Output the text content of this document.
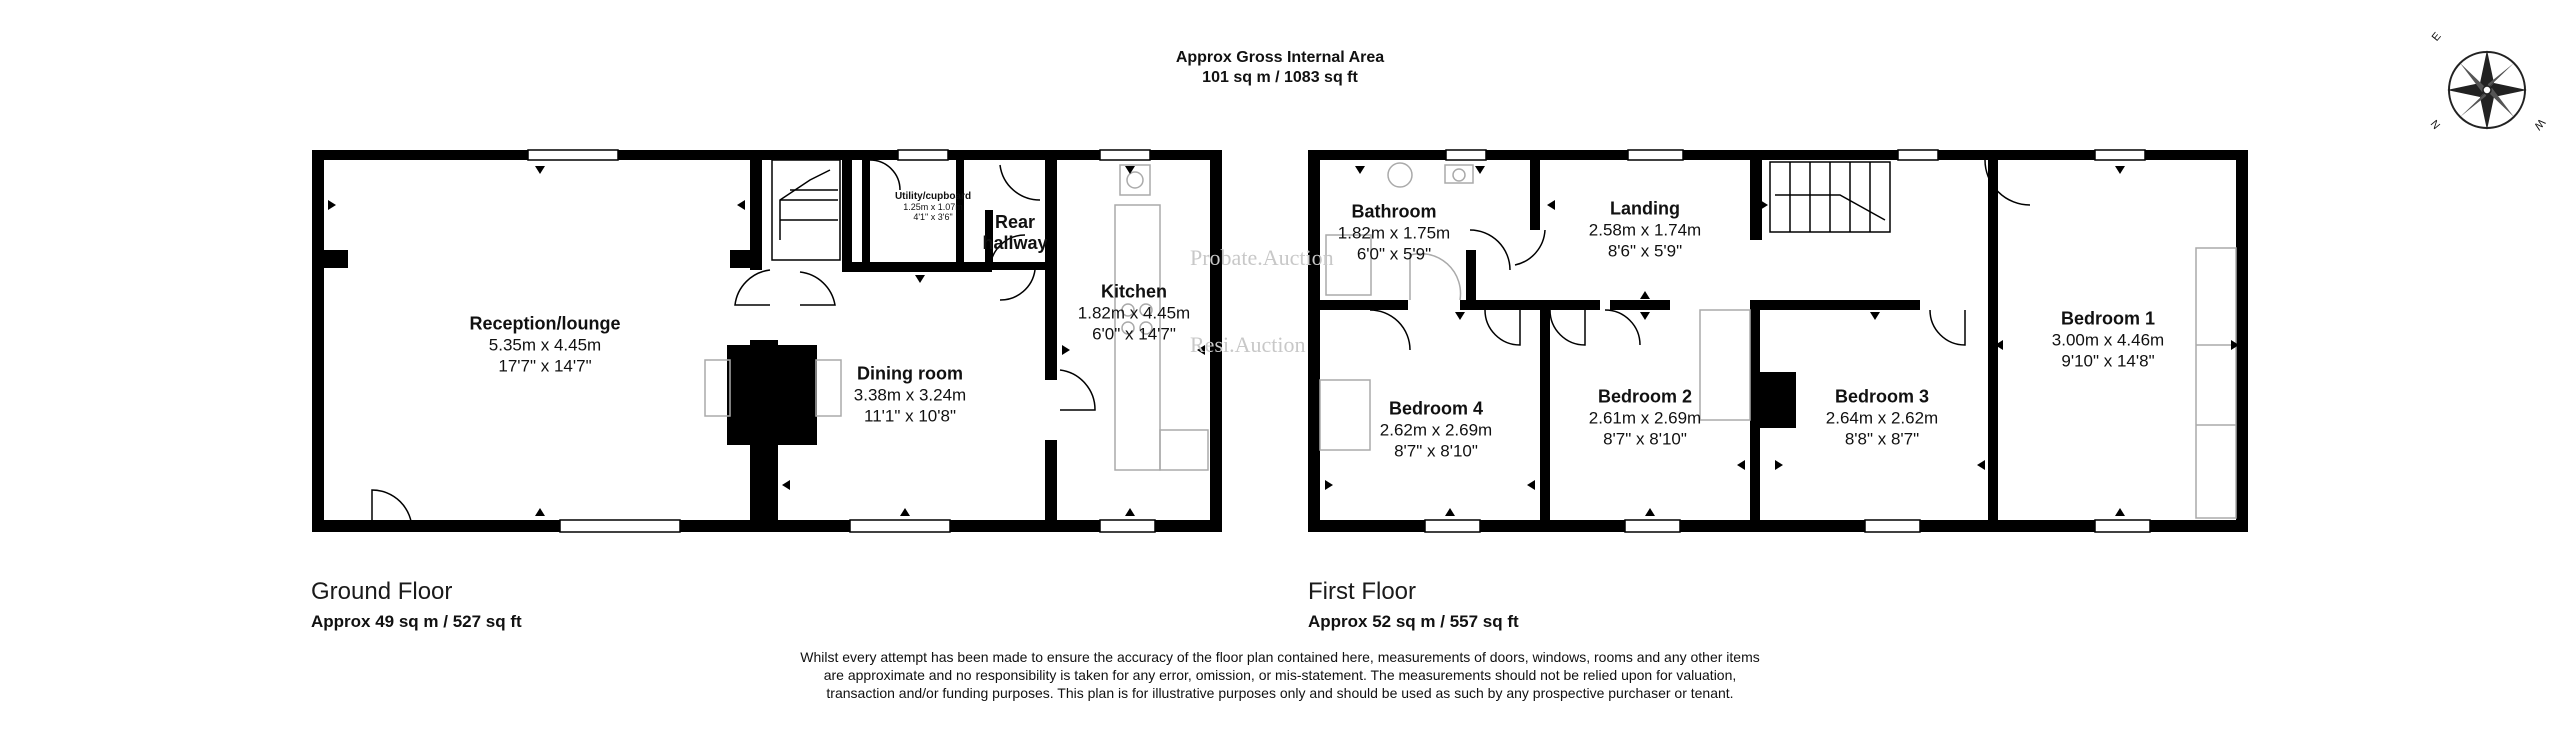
Probate.Auction
Resi.Auction
Approx Gross Internal Area
101 sq m / 1083 sq ft
E
N	W
Reception/lounge
5.35m x 4.45m
17'7" x 14'7"	Dining room
3.38m x 3.24m
11'1" x 10'8"
Utility/cupboard
1.25m x 1.07m
4'1" x 3'6"	Rear hallway
Kitchen
1.82m x 4.45m
6'0" x 14'7"
Bathroom
1.82m x 1.75m
6'0" x 5'9"
Landing
2.58m x 1.74m
8'6" x 5'9"
Bedroom 1
3.00m x 4.46m
9'10" x 14'8"
Bedroom 4
2.62m x 2.69m
8'7" x 8'10"
Bedroom 2
2.61m x 2.69m
8'7" x 8'10"
Bedroom 3
2.64m x 2.62m
8'8" x 8'7"
Ground Floor
Approx 49 sq m / 527 sq ft
First Floor
Approx 52 sq m / 557 sq ft
Whilst every attempt has been made to ensure the accuracy of the floor plan contained here, measurements of doors, windows, rooms and any other items are approximate and no responsibility is taken for any error, omission, or mis-statement. The measurements should not be relied upon for valuation, transaction and/or funding purposes. This plan is for illustrative purposes only and should be used as such by any prospective purchaser or tenant.
